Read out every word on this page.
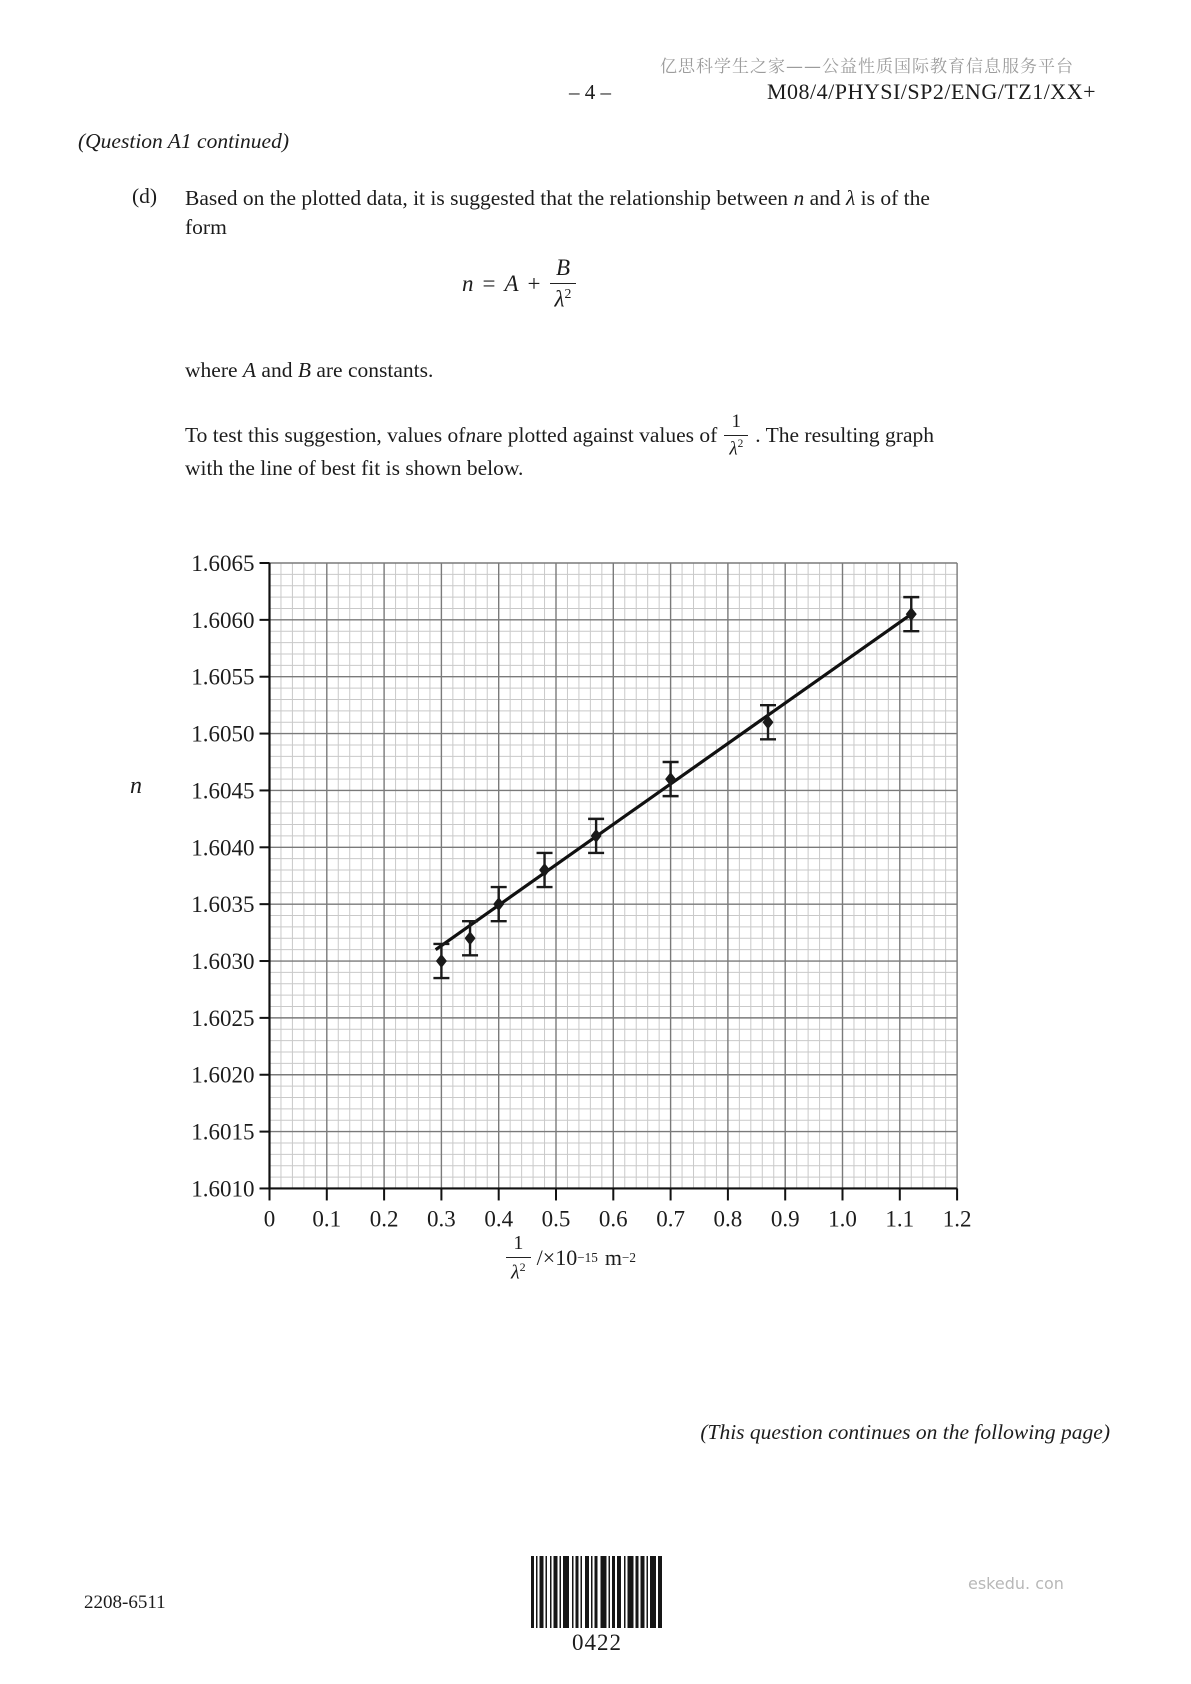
亿思科学生之家——公益性质国际教育信息服务平台
– 4 –	M08/4/PHYSI/SP2/ENG/TZ1/XX+
(Question A1 continued)
(d) Based on the plotted data, it is suggested that the relationship between n and λ is of the
form
$n = A + \frac{B}{\lambda^2}$
where A and B are constants.
To test this suggestion, values of n are plotted against values of $\frac{1}{\lambda^2}$ . The resulting graph
with the line of best fit is shown below.
1.6065
1.6060
1.6055
1.6050
1.6045
1.6040
1.6035
1.6030
1.6025
1.6020
1.6015
1.6010
0 0.1 0.2 0.3 0.4 0.5 0.6 0.7 0.8 0.9 1.0 1.1 1.2
n
$\frac{1}{\lambda^2} /\times 10 -15$ m −2
(This question continues on the following page)
2208-6511
0422
eskedu. con
